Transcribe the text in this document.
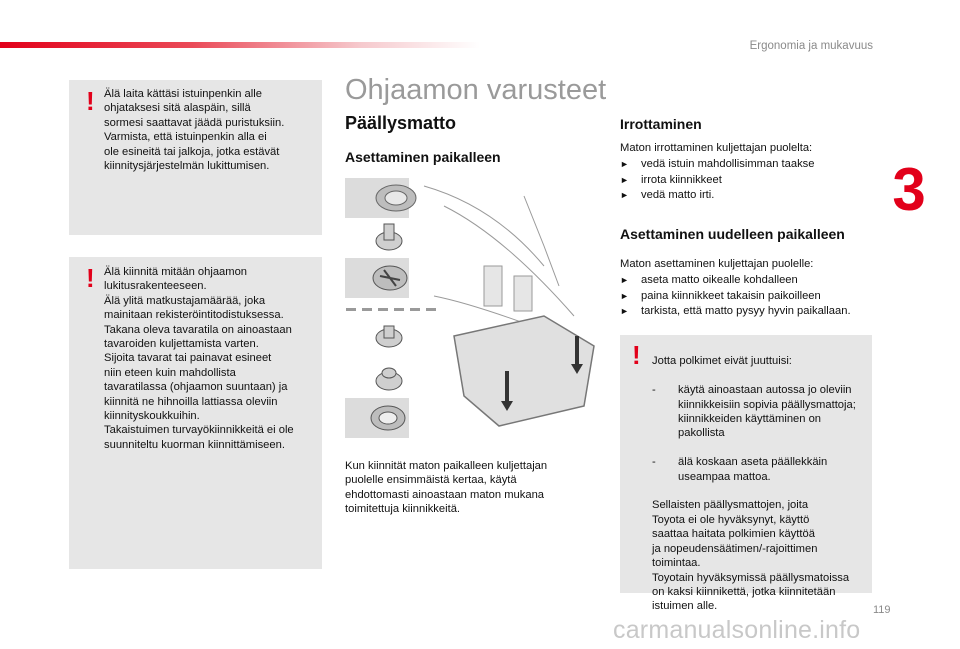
Ergonomia ja mukavuus
3
! Älä laita kättäsi istuinpenkin alle
ohjataksesi sitä alaspäin, sillä
sormesi saattavat jäädä puristuksiin.
Varmista, että istuinpenkin alla ei
ole esineitä tai jalkoja, jotka estävät
kiinnitysjärjestelmän lukittumisen.
! Älä kiinnitä mitään ohjaamon
lukitusrakenteeseen.
Älä ylitä matkustajamäärää, joka
mainitaan rekisteröintitodistuksessa.
Takana oleva tavaratila on ainoastaan
tavaroiden kuljettamista varten.
Sijoita tavarat tai painavat esineet
niin eteen kuin mahdollista
tavaratilassa (ohjaamon suuntaan) ja
kiinnitä ne hihnoilla lattiassa oleviin
kiinnityskoukkuihin.
Takaistuimen turvayökiinnikkeitä ei ole
suunniteltu kuorman kiinnittämiseen.
Ohjaamon varusteet
Päällysmatto
Asettaminen paikalleen
Kun kiinnität maton paikalleen kuljettajan
puolelle ensimmäistä kertaa, käytä
ehdottomasti ainoastaan maton mukana
toimitettuja kiinnikkeitä.
Irrottaminen
Maton irrottaminen kuljettajan puolelta:
► vedä istuin mahdollisimman taakse
► irrota kiinnikkeet
► vedä matto irti.
Asettaminen uudelleen paikalleen
Maton asettaminen kuljettajan puolelle:
► aseta matto oikealle kohdalleen
► paina kiinnikkeet takaisin paikoilleen
► tarkista, että matto pysyy hyvin paikallaan.
! Jotta polkimet eivät juuttuisi:

- käytä ainoastaan autossa jo oleviin
kiinnikkeisiin sopivia päällysmattoja;
kiinnikkeiden käyttäminen on
pakollista

- älä koskaan aseta päällekkäin
useampaa mattoa.

Sellaisten päällysmattojen, joita
Toyota ei ole hyväksynyt, käyttö
saattaa haitata polkimien käyttöä
ja nopeudensäätimen/-rajoittimen
toimintaa.
Toyotain hyväksymissä päällysmatoissa
on kaksi kiinnikettä, jotka kiinnitetään
istuimen alle.	119
carmanualsonline.info
